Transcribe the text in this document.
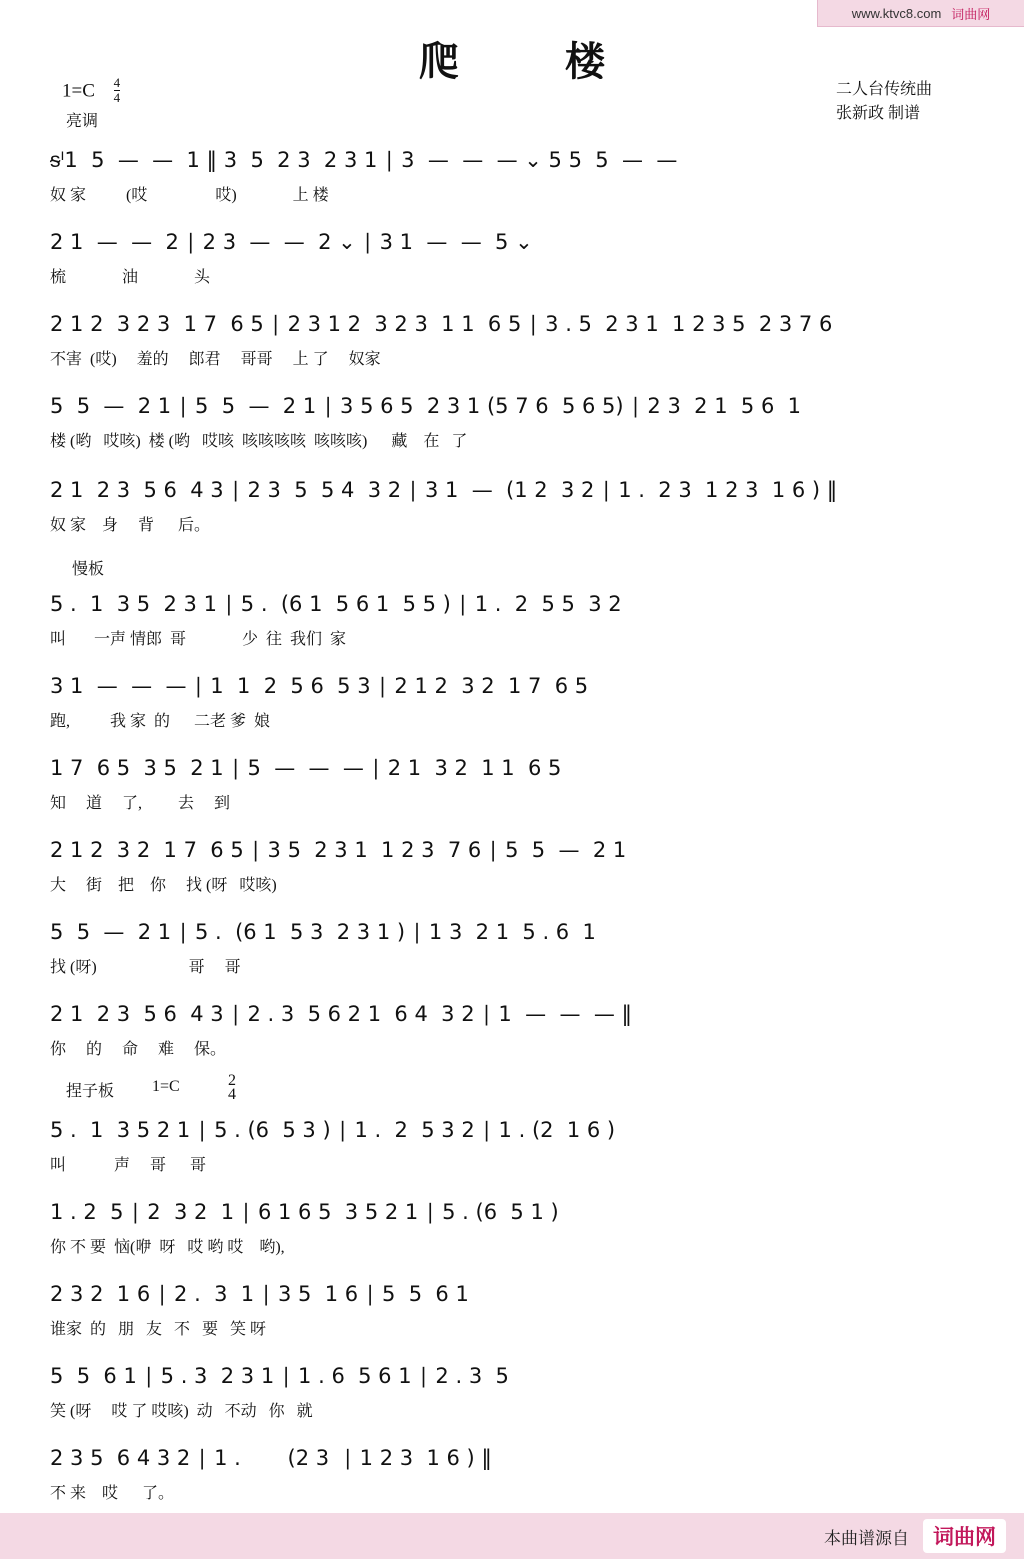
www.ktvc8.com 词曲网
爬 楼
$1=C \frac{4}{4}$
亮调
二人台传统曲
张新政 制谱
ᵴᴵ1  5  —  —  1 ‖ 3  5  2 3  2 3 1 ∣ 3  —  —  — ⌄ 5 5  5  —  —
奴 家          (哎                 哎)              上 楼
2 1  —  —  2 ∣ 2 3  —  —  2 ⌄ ∣ 3 1  —  —  5 ⌄
梳              油              头
2 1 2  3 2 3  1 7  6 5 ∣ 2 3 1 2  3 2 3  1 1  6 5 ∣ 3 . 5  2 3 1  1 2 3 5  2 3 7 6
不害  (哎)     羞的     郎君     哥哥     上 了     奴家
5  5  —  2 1 ∣ 5  5  —  2 1 ∣ 3 5 6 5  2 3 1 (5 7 6  5 6 5) ∣ 2 3  2 1  5 6  1
楼 (哟   哎咳)  楼 (哟   哎咳  咳咳咳咳  咳咳咳)      藏    在   了
2 1  2 3  5 6  4 3 ∣ 2 3  5  5 4  3 2 ∣ 3 1  —  (1 2  3 2 ∣ 1 .  2 3  1 2 3  1 6 ) ‖
奴 家    身     背      后。
5 .  1  3 5  2 3 1 ∣ 5 .  (6 1  5 6 1  5 5 ) ∣ 1 .  2  5 5  3 2
叫       一声 情郎  哥              少  往  我们  家
3 1  —  —  — ∣ 1  1  2  5 6  5 3 ∣ 2 1 2  3 2  1 7  6 5
跑,          我 家  的      二老 爹  娘
1 7  6 5  3 5  2 1 ∣ 5  —  —  — ∣ 2 1  3 2  1 1  6 5
知     道     了,         去     到
2 1 2  3 2  1 7  6 5 ∣ 3 5  2 3 1  1 2 3  7 6 ∣ 5  5  —  2 1
大     街    把    你     找 (呀   哎咳)
5  5  —  2 1 ∣ 5 .  (6 1  5 3  2 3 1 ) ∣ 1 3  2 1  5 . 6  1
找 (呀)                       哥     哥
2 1  2 3  5 6  4 3 ∣ 2 . 3  5 6 2 1  6 4  3 2 ∣ 1  —  —  — ‖
你     的     命     难     保。
5 .  1  3 5 2 1 ∣ 5 . (6  5 3 ) ∣ 1 .  2  5 3 2 ∣ 1 . (2  1 6 )
叫            声     哥      哥
1 . 2  5 ∣ 2  3 2  1 ∣ 6 1 6 5  3 5 2 1 ∣ 5 . (6  5 1 )
你 不 要  恼(咿  呀   哎 哟 哎    哟),
2 3 2  1 6 ∣ 2 .  3  1 ∣ 3 5  1 6 ∣ 5  5  6 1
谁家  的   朋   友   不   要   笑 呀
5  5  6 1 ∣ 5 . 3  2 3 1 ∣ 1 . 6  5 6 1 ∣ 2 . 3  5
笑 (呀     哎 了 哎咳)  动   不动   你   就
2 3 5  6 4 3 2 ∣ 1 .       (2 3  ∣ 1 2 3  1 6 ) ‖
不 来    哎      了。
慢板
捏子板 1=C	2
4
本曲谱源自	词曲网
